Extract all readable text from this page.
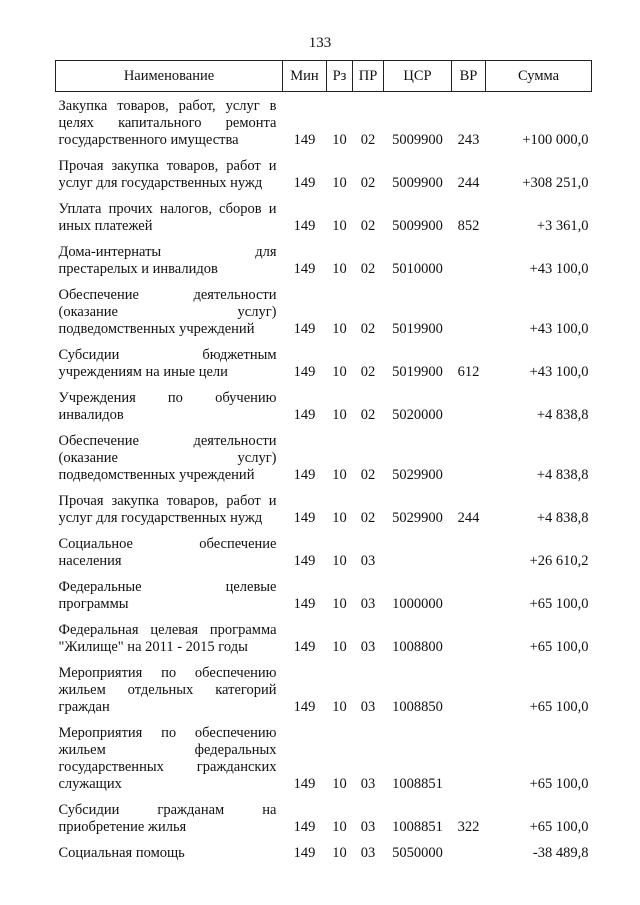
133
Наименование	Мин	Рз	ПР	ЦСР	ВР	Сумма

Закупка товаров, работ, услуг в
целях капитального ремонта
государственного имущества	149	10	02	5009900	243	+100 000,0

Прочая закупка товаров, работ и
услуг для государственных нужд	149	10	02	5009900	244	+308 251,0

Уплата прочих налогов, сборов и
иных платежей	149	10	02	5009900	852	+3 361,0

Дома-интернаты для
престарелых и инвалидов	149	10	02	5010000		+43 100,0

Обеспечение деятельности
(оказание услуг)
подведомственных учреждений	149	10	02	5019900		+43 100,0

Субсидии бюджетным
учреждениям на иные цели	149	10	02	5019900	612	+43 100,0

Учреждения по обучению
инвалидов	149	10	02	5020000		+4 838,8

Обеспечение деятельности
(оказание услуг)
подведомственных учреждений	149	10	02	5029900		+4 838,8

Прочая закупка товаров, работ и
услуг для государственных нужд	149	10	02	5029900	244	+4 838,8

Социальное обеспечение
населения	149	10	03			+26 610,2

Федеральные целевые
программы	149	10	03	1000000		+65 100,0

Федеральная целевая программа
"Жилище" на 2011 - 2015 годы	149	10	03	1008800		+65 100,0

Мероприятия по обеспечению
жильем отдельных категорий
граждан	149	10	03	1008850		+65 100,0

Мероприятия по обеспечению
жильем федеральных
государственных гражданских
служащих	149	10	03	1008851		+65 100,0

Субсидии гражданам на
приобретение жилья	149	10	03	1008851	322	+65 100,0

Социальная помощь	149	10	03	5050000		-38 489,8
